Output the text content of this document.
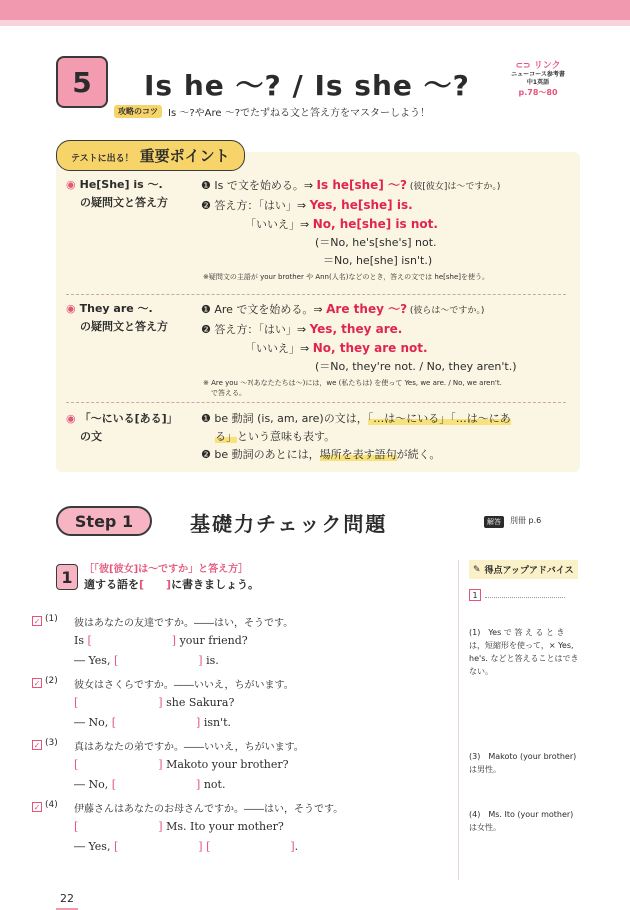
5	Is he ～? / Is she ～?
⊂⊃ リンク
ニューコース参考書
中1英語
p.78～80
攻略のコツ	Is ～?やAre ～?でたずねる文と答え方をマスターしよう！
テストに出る！ 重要ポイント
◉ He[She] is ～.
の疑問文と答え方
❶ Is で文を始める。⇒ Is he[she] ～? (彼[彼女]は～ですか。)
❷ 答え方：「はい」⇒ Yes, he[she] is.
「いいえ」⇒ No, he[she] is not.
(＝No, he's[she's] not.
＝No, he[she] isn't.)
※疑問文の主語が your brother や Ann(人名)などのとき，答えの文では he[she]を使う。
◉ They are ～.
の疑問文と答え方
❶ Are で文を始める。⇒ Are they ～? (彼らは～ですか。)
❷ 答え方：「はい」⇒ Yes, they are.
「いいえ」⇒ No, they are not.
(＝No, they're not. / No, they aren't.)
※ Are you ～?(あなたたちは～)には，we (私たちは) を使って Yes, we are. / No, we aren't.
で答える。
◉ 「～にいる[ある]」
の文
❶ be 動詞 (is, am, are)の文は，「…は～にいる」「…は～にあ
る」という意味も表す。
❷ be 動詞のあとには，場所を表す語句が続く。
Step 1	基礎力チェック問題	解答	別冊 p.6
1	［「彼[彼女]は～ですか」と答え方］
適する語を[　　]に書きましょう。
✓ (1) 彼はあなたの友達ですか。――はい，そうです。
Is [	] your friend?
― Yes, [	] is.
✓ (2) 彼女はさくらですか。――いいえ，ちがいます。
[	] she Sakura?
― No, [	] isn't.
✓ (3) 真はあなたの弟ですか。――いいえ，ちがいます。
[	] Makoto your brother?
― No, [	] not.
✓ (4) 伊藤さんはあなたのお母さんですか。――はい，そうです。
[	] Ms. Ito your mother?
― Yes, [	] [	].
✎ 得点アップアドバイス
1
(1)　Yes で 答 え る と き は，短縮形を使って，× Yes, he's. などと答えることはできない。
(3)　Makoto (your brother)は男性。
(4)　Ms. Ito (your mother)は女性。
22
